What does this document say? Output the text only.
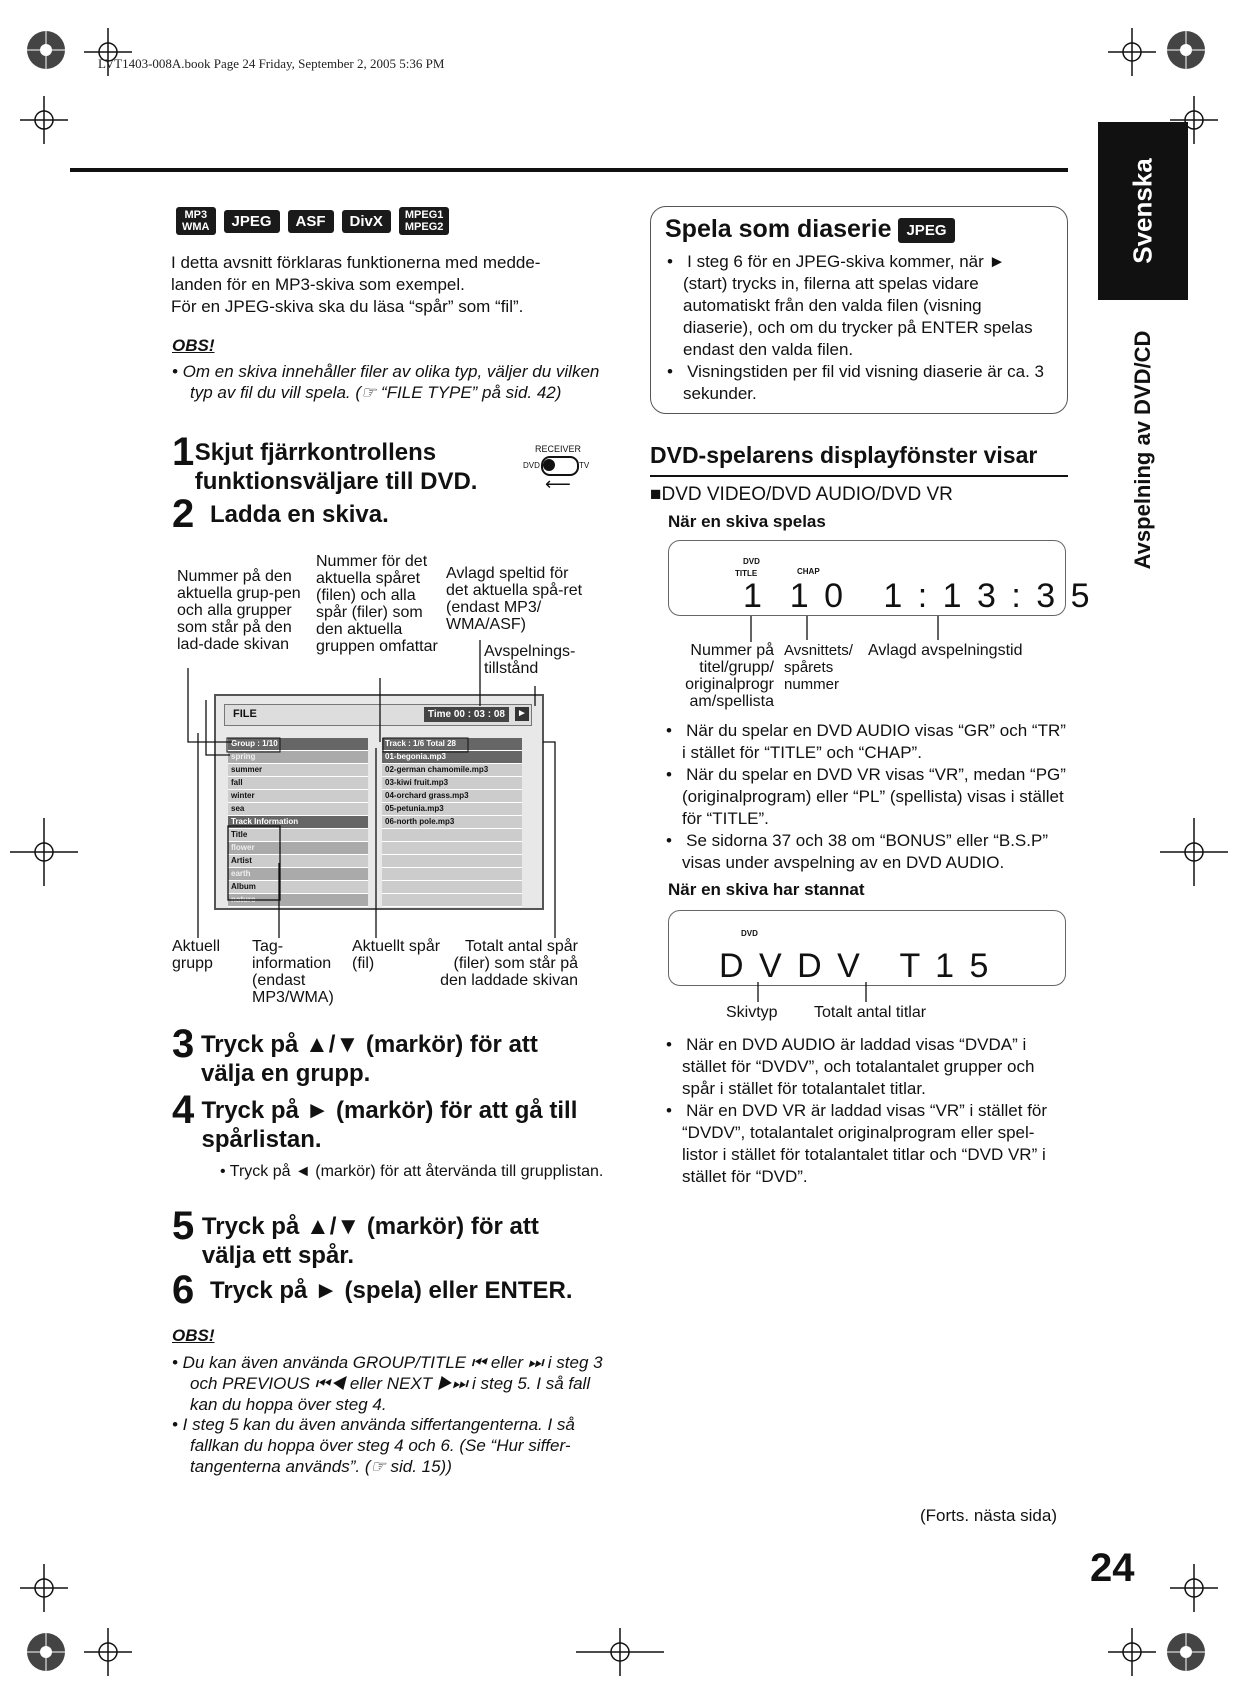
LVT1403-008A.book Page 24 Friday, September 2, 2005 5:36 PM
Svenska
Avspelning av DVD/CD
MP3
WMA	JPEG	ASF	DivX	MPEG1
MPEG2

I detta avsnitt förklaras funktionerna med medde-

landen för en MP3-skiva som exempel.

För en JPEG-skiva ska du läsa “spår” som “fil”.

OBS!
• Om en skiva innehåller filer av olika typ, väljer du vilken typ av fil du vill spela. (☞ “FILE TYPE” på sid. 42)
1 Skjut fjärrkontrollens funktionsväljare till DVD.
2 Ladda en skiva.
RECEIVER
DVD	TV
⟵
Nummer på den aktuella grup-pen och alla grupper som står på den lad-dade skivan
Nummer för det aktuella spåret (filen) och alla spår (filer) som den aktuella gruppen omfattar
Avlagd speltid för det aktuella spå-ret (endast MP3/ WMA/ASF)
Avspelnings-tillstånd
FILE	Time 00 : 03 : 08	►
Group : 1/10
spring
summer
fall
winter
sea
Track Information
Title
flower
Artist
earth
Album
nature
Track : 1/6 Total 28
01-begonia.mp3
02-german chamomile.mp3
03-kiwi fruit.mp3
04-orchard grass.mp3
05-petunia.mp3
06-north pole.mp3
Aktuell grupp
Tag-information (endast MP3/WMA)
Aktuellt spår (fil)
Totalt antal spår (filer) som står på den laddade skivan
3 Tryck på ▲/▼ (markör) för att välja en grupp.
4 Tryck på ► (markör) för att gå till spårlistan.
• Tryck på ◄ (markör) för att återvända till grupplistan.
5 Tryck på ▲/▼ (markör) för att välja ett spår.
6 Tryck på ► (spela) eller ENTER.
OBS!
• Du kan även använda GROUP/TITLE ⏮ eller ⏭ i steg 3 och PREVIOUS ⏮◀ eller NEXT ▶⏭ i steg 5. I så fall kan du hoppa över steg 4.
• I steg 5 kan du även använda siffertangenterna. I så fallkan du hoppa över steg 4 och 6. (Se “Hur siffer-tangenterna används”. (☞ sid. 15))
Spela som diaserie JPEG

•   I steg 6 för en JPEG-skiva kommer, när ► (start) trycks in, filerna att spelas vidare automatiskt från den valda filen (visning diaserie), och om du trycker på ENTER spelas endast den valda filen.

•   Visningstiden per fil vid visning diaserie är ca. 3 sekunder.

DVD-spelarens displayfönster visar
■DVD VIDEO/DVD AUDIO/DVD VR
När en skiva spelas
DVD
TITLE	CHAP
1  1 0   1 : 1 3 : 3 5
Nummer på titel/grupp/ originalprogr am/spellista
Avsnittets/ spårets nummer
Avlagd avspelningstid

•   När du spelar en DVD AUDIO visas “GR” och “TR” i stället för “TITLE” och “CHAP”.

•   När du spelar en DVD VR visas “VR”, medan “PG” (originalprogram) eller “PL” (spellista) visas i stället för “TITLE”.

•   Se sidorna 37 och 38 om “BONUS” eller “B.S.P” visas under avspelning av en DVD AUDIO.

När en skiva har stannat
DVD
D V D V   T 1 5
Skivtyp Totalt antal titlar

•   När en DVD AUDIO är laddad visas “DVDA” i stället för “DVDV”, och totalantalet grupper och spår i stället för totalantalet titlar.

•   När en DVD VR är laddad visas “VR” i stället för “DVDV”, totalantalet originalprogram eller spel-listor i stället för totalantalet titlar och “DVD VR” i stället för “DVD”.

(Forts. nästa sida)
24
